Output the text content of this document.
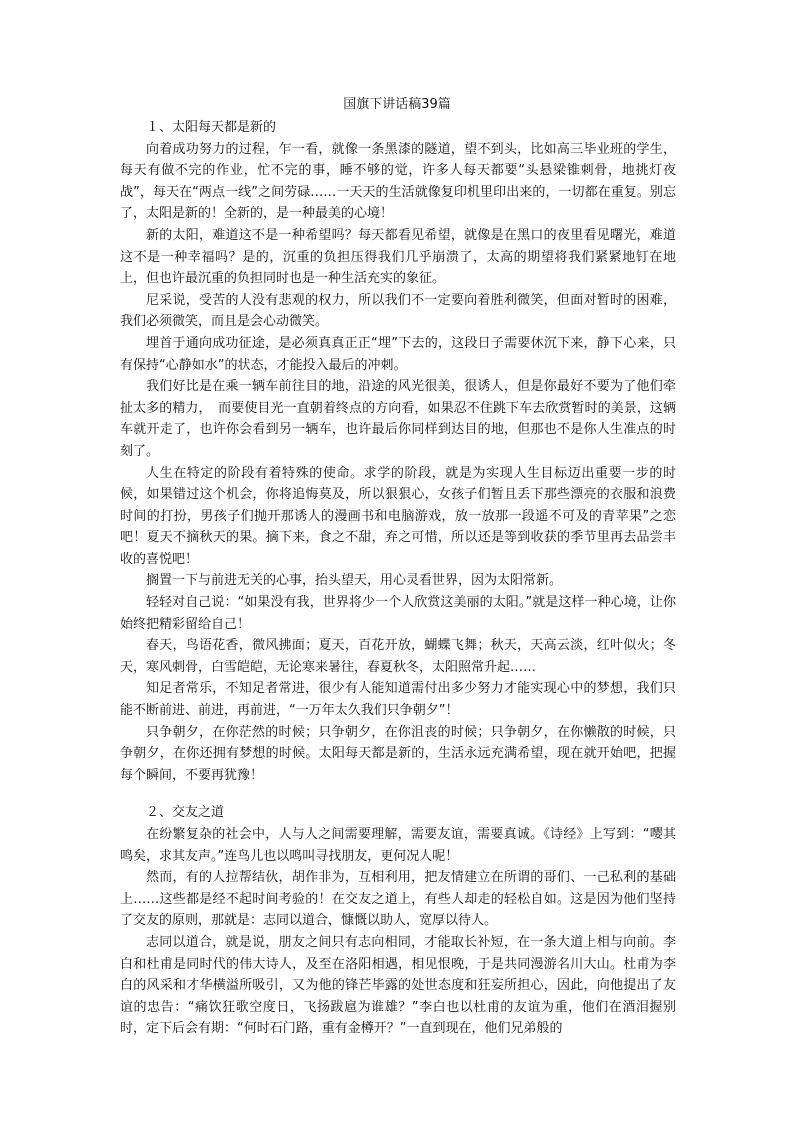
国旗下讲话稿39篇
１、太阳每天都是新的

向着成功努力的过程，乍一看，就像一条黑漆的隧道，望不到头，比如高三毕业班的学生，每天有做不完的作业，忙不完的事，睡不够的觉，许多人每天都要“头悬梁锥刺骨，地挑灯夜战”，每天在“两点一线”之间劳碌……一天天的生活就像复印机里印出来的，一切都在重复。别忘了，太阳是新的！全新的，是一种最美的心境！

新的太阳，难道这不是一种希望吗？每天都看见希望，就像是在黑口的夜里看见曙光，难道这不是一种幸福吗？是的，沉重的负担压得我们几乎崩溃了，太高的期望将我们紧紧地钉在地上，但也许最沉重的负担同时也是一种生活充实的象征。

尼采说，受苦的人没有悲观的权力，所以我们不一定要向着胜利微笑，但面对暂时的困难，我们必须微笑，而且是会心动微笑。

埋首于通向成功征途，是必须真真正正“埋”下去的，这段日子需要休沉下来，静下心来，只有保持“心静如水”的状态，才能投入最后的冲刺。

我们好比是在乘一辆车前往目的地，沿途的风光很美，很诱人，但是你最好不要为了他们牵扯太多的精力，　而要使目光一直朝着终点的方向看，如果忍不住跳下车去欣赏暂时的美景，这辆车就开走了，也许你会看到另一辆车，也许最后你同样到达目的地，但那也不是你人生准点的时刻了。

人生在特定的阶段有着特殊的使命。求学的阶段，就是为实现人生目标迈出重要一步的时候，如果错过这个机会，你将追悔莫及，所以狠狠心，女孩子们暂且丢下那些漂亮的衣服和浪费时间的打扮，男孩子们抛开那诱人的漫画书和电脑游戏，放一放那一段遥不可及的青苹果”之恋吧！夏天不摘秋天的果。摘下来，食之不甜，弃之可惜，所以还是等到收获的季节里再去品尝丰收的喜悦吧！

搁置一下与前进无关的心事，抬头望天，用心灵看世界，因为太阳常新。

轻轻对自己说：“如果没有我，世界将少一个人欣赏这美丽的太阳。”就是这样一种心境，让你始终把精彩留给自己！

春天，鸟语花香，微风拂面；夏天，百花开放，蝴蝶飞舞；秋天，天高云淡，红叶似火；冬天，寒风刺骨，白雪皑皑，无论寒来暑往，春夏秋冬，太阳照常升起……

知足者常乐，不知足者常进，很少有人能知道需付出多少努力才能实现心中的梦想，我们只能不断前进、前进，再前进，“一万年太久我们只争朝夕”！

只争朝夕，在你茫然的时候；只争朝夕，在你沮丧的时候；只争朝夕，在你懒散的时候，只争朝夕，在你还拥有梦想的时候。太阳每天都是新的，生活永远充满希望，现在就开始吧，把握每个瞬间，不要再犹豫！

２、交友之道

在纷繁复杂的社会中，人与人之间需要理解，需要友谊，需要真诚。《诗经》上写到：“嘤其鸣矣，求其友声。”连鸟儿也以鸣叫寻找朋友，更何况人呢！

然而，有的人拉帮结伙，胡作非为，互相利用，把友情建立在所谓的哥们、一己私利的基础上……这些都是经不起时间考验的！在交友之道上，有些人却走的轻松自如。这是因为他们坚持了交友的原则，那就是：志同以道合，慷慨以助人，宽厚以待人。

志同以道合，就是说，朋友之间只有志向相同，才能取长补短，在一条大道上相与向前。李白和杜甫是同时代的伟大诗人，及至在洛阳相遇，相见恨晚，于是共同漫游名川大山。杜甫为李白的风采和才华横溢所吸引，又为他的锋芒毕露的处世态度和狂妄所担心，因此，向他提出了友谊的忠告：“痛饮狂歌空度日，飞扬跋扈为谁雄？”李白也以杜甫的友谊为重，他们在酒泪握别时，定下后会有期：“何时石门路，重有金樽开？”一直到现在，他们兄弟般的
